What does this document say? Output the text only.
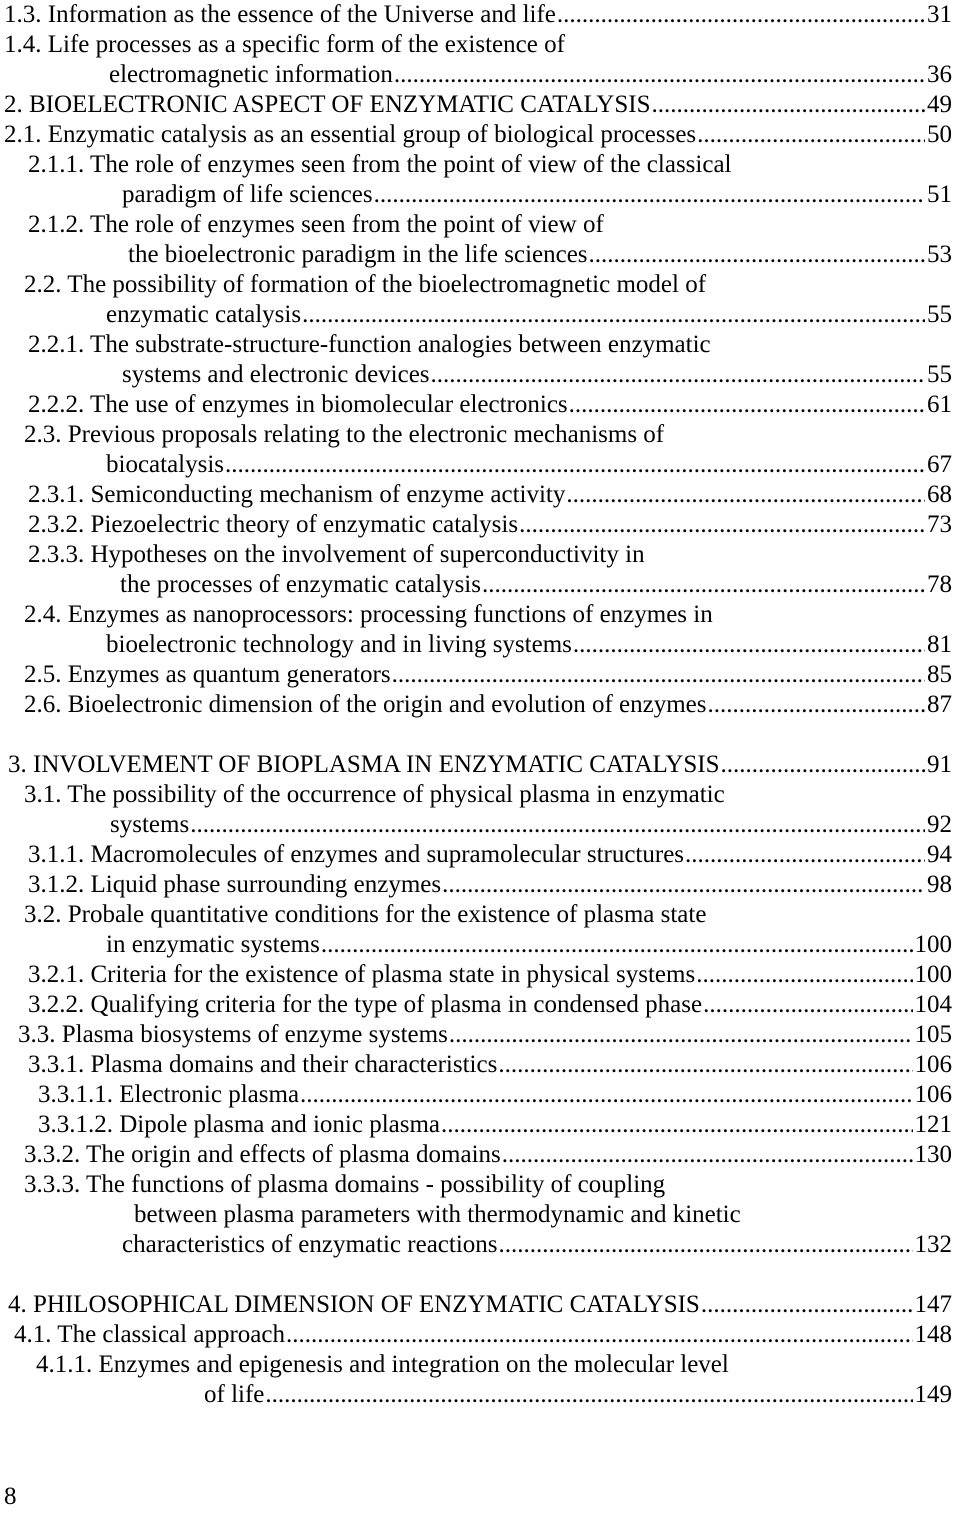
1.3. Information as the essence of the Universe and life .....	31
1.4. Life processes as a specific form of the existence of
electromagnetic information .....	36
2. BIOELECTRONIC ASPECT OF ENZYMATIC CATALYSIS .....	49
2.1. Enzymatic catalysis as an essential group of biological processes .....	50
2.1.1. The role of enzymes seen from the point of view of the classical
paradigm of life sciences .....	51
2.1.2. The role of enzymes seen from the point of view of
the bioelectronic paradigm in the life sciences .....	53
2.2. The possibility of formation of the bioelectromagnetic model of
enzymatic catalysis .....	55
2.2.1. The substrate-structure-function analogies between enzymatic
systems and electronic devices .....	55
2.2.2. The use of enzymes in biomolecular electronics .....	61
2.3. Previous proposals relating to the electronic mechanisms of
biocatalysis .....	67
2.3.1. Semiconducting mechanism of enzyme activity .....	68
2.3.2. Piezoelectric theory of enzymatic catalysis .....	73
2.3.3. Hypotheses on the involvement of superconductivity in
the processes of enzymatic catalysis .....	78
2.4. Enzymes as nanoprocessors: processing functions of enzymes in
bioelectronic technology and in living systems .....	81
2.5. Enzymes as quantum generators .....	85
2.6. Bioelectronic dimension of the origin and evolution of enzymes .....	87
3. INVOLVEMENT OF BIOPLASMA IN ENZYMATIC CATALYSIS .....	91
3.1. The possibility of the occurrence of physical plasma in enzymatic
systems .....	92
3.1.1. Macromolecules of enzymes and supramolecular structures .....	94
3.1.2. Liquid phase surrounding enzymes .....	98
3.2. Probale quantitative conditions for the existence of plasma state
in enzymatic systems .....	100
3.2.1. Criteria for the existence of plasma state in physical systems .....	100
3.2.2. Qualifying criteria for the type of plasma in condensed phase .....	104
3.3. Plasma biosystems of enzyme systems .....	105
3.3.1. Plasma domains and their characteristics .....	106
3.3.1.1. Electronic plasma .....	106
3.3.1.2. Dipole plasma and ionic plasma .....	121
3.3.2. The origin and effects of plasma domains .....	130
3.3.3. The functions of plasma domains - possibility of coupling
between plasma parameters with thermodynamic and kinetic
characteristics of enzymatic reactions .....	132
4. PHILOSOPHICAL DIMENSION OF ENZYMATIC CATALYSIS .....	147
4.1. The classical approach .....	148
4.1.1. Enzymes and epigenesis and integration on the molecular level
of life .....	149
8
